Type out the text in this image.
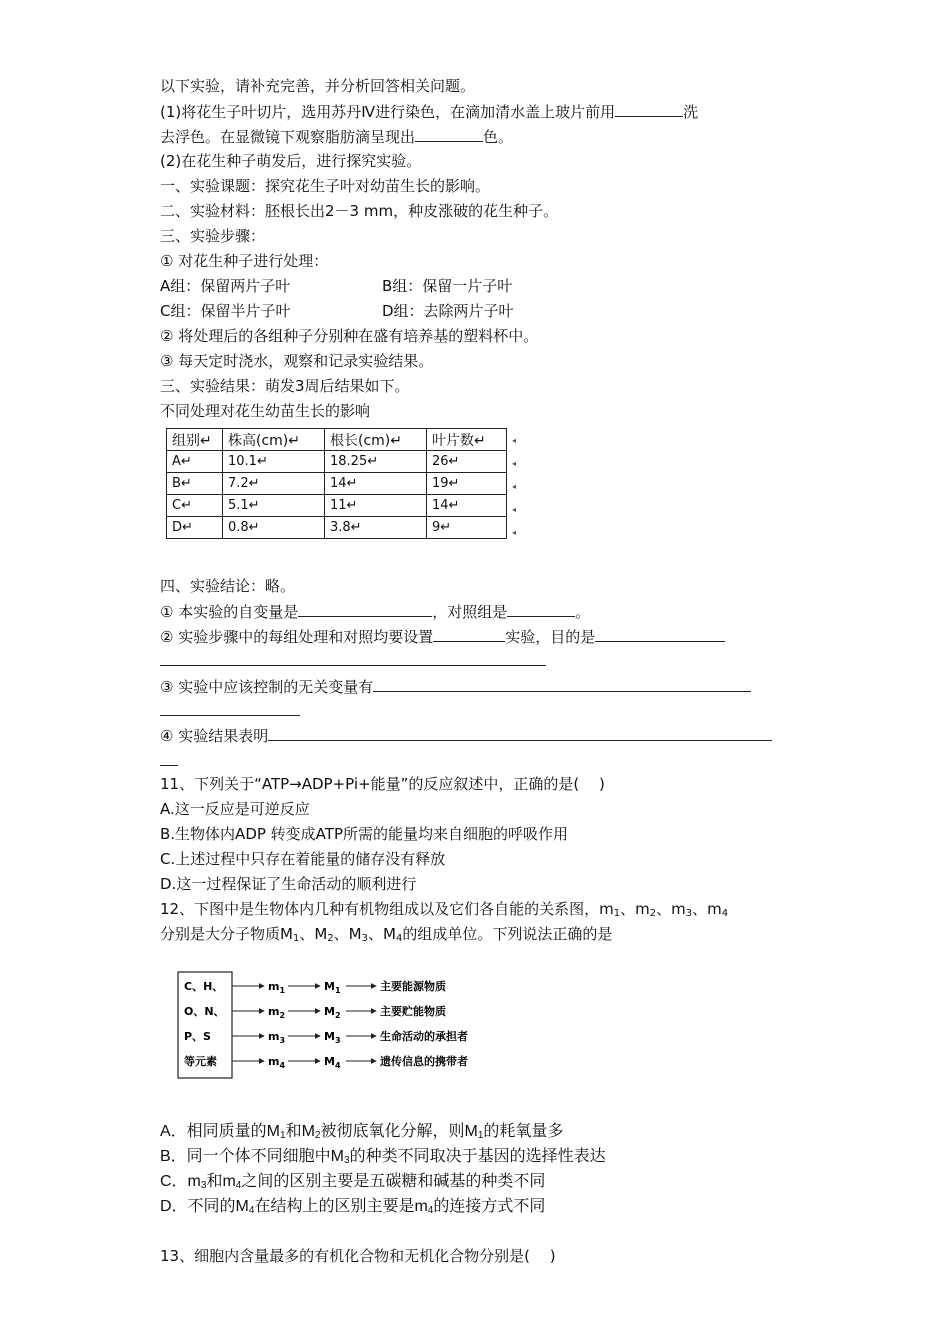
以下实验，请补充完善，并分析回答相关问题。
(1)将花生子叶切片，选用苏丹Ⅳ进行染色，在滴加清水盖上玻片前用	洗
去浮色。在显微镜下观察脂肪滴呈现出	色。
(2)在花生种子萌发后，进行探究实验。
一、实验课题：探究花生子叶对幼苗生长的影响。
二、实验材料：胚根长出2－3 mm，种皮涨破的花生种子。
三、实验步骤：
① 对花生种子进行处理：
A组：保留两片子叶	B组：保留一片子叶
C组：保留半片子叶	D组：去除两片子叶
② 将处理后的各组种子分别种在盛有培养基的塑料杯中。
③ 每天定时浇水，观察和记录实验结果。
三、实验结果：萌发3周后结果如下。
不同处理对花生幼苗生长的影响
组别↵	株高(cm)↵	根长(cm)↵	叶片数↵
A↵	10.1↵	18.25↵	26↵
B↵	7.2↵	14↵	19↵
C↵	5.1↵	11↵	14↵
D↵	0.8↵	3.8↵	9↵
◂
◂
◂
◂
◂
四、实验结论：略。
① 本实验的自变量是	，对照组是	。
② 实验步骤中的每组处理和对照均要设置	实验，目的是
③ 实验中应该控制的无关变量有
④ 实验结果表明
11、下列关于“ATP→ADP+Pi+能量”的反应叙述中，正确的是(　 )
A.这一反应是可逆反应
B.生物体内ADP 转变成ATP所需的能量均来自细胞的呼吸作用
C.上述过程中只存在着能量的储存没有释放
D.这一过程保证了生命活动的顺利进行
12、下图中是生物体内几种有机物组成以及它们各自能的关系图，$m_1$、$m_2$、$m_3$、$m_4$
分别是大分子物质$M_1$、$M_2$、$M_3$、$M_4$的组成单位。下列说法正确的是
C、H、
O、N、
P、S
等元素
$m_1$	$M_1$	主要能源物质
$m_2$	$M_2$	主要贮能物质
$m_3$	$M_3$	生命活动的承担者
$m_4$	$M_4$	遗传信息的携带者
A．相同质量的$M_1$和$M_2$被彻底氧化分解，则$M_1$的耗氧量多
B．同一个体不同细胞中$M_3$的种类不同取决于基因的选择性表达
C．$m_3$和$m_4$之间的区别主要是五碳糖和碱基的种类不同
D．不同的$M_4$在结构上的区别主要是$m_4$的连接方式不同
13、细胞内含量最多的有机化合物和无机化合物分别是(　 )
